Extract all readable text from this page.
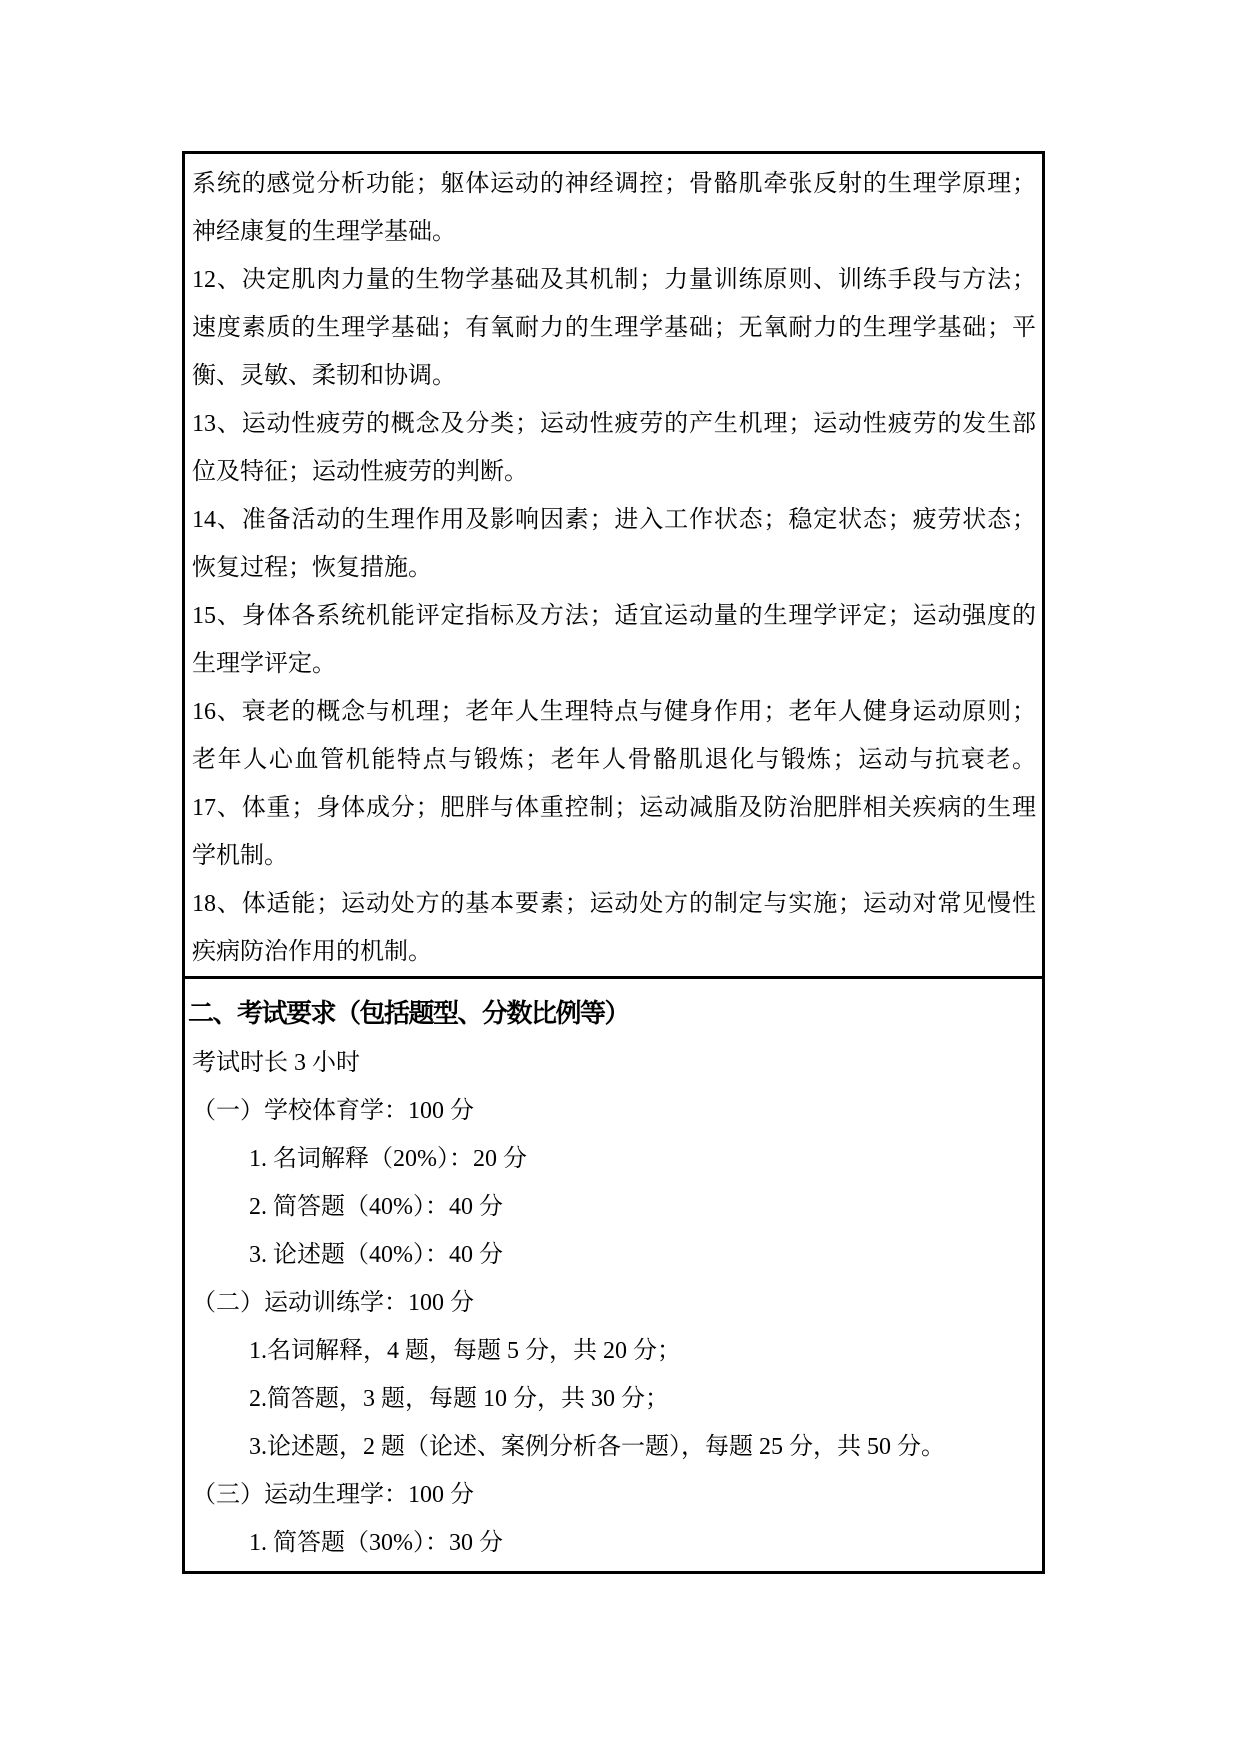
系统的感觉分析功能；躯体运动的神经调控；骨骼肌牵张反射的生理学原理；

神经康复的生理学基础。

12、决定肌肉力量的生物学基础及其机制；力量训练原则、训练手段与方法；

速度素质的生理学基础；有氧耐力的生理学基础；无氧耐力的生理学基础；平

衡、灵敏、柔韧和协调。

13、运动性疲劳的概念及分类；运动性疲劳的产生机理；运动性疲劳的发生部

位及特征；运动性疲劳的判断。

14、准备活动的生理作用及影响因素；进入工作状态；稳定状态；疲劳状态；

恢复过程；恢复措施。

15、身体各系统机能评定指标及方法；适宜运动量的生理学评定；运动强度的

生理学评定。

16、衰老的概念与机理；老年人生理特点与健身作用；老年人健身运动原则；

老年人心血管机能特点与锻炼；老年人骨骼肌退化与锻炼；运动与抗衰老。

17、体重；身体成分；肥胖与体重控制；运动减脂及防治肥胖相关疾病的生理

学机制。

18、体适能；运动处方的基本要素；运动处方的制定与实施；运动对常见慢性

疾病防治作用的机制。

二、考试要求（包括题型、分数比例等）

考试时长 3 小时

（一）学校体育学：100 分

1. 名词解释（20%）：20 分

2. 简答题（40%）：40 分

3. 论述题（40%）：40 分

（二）运动训练学：100 分

1.名词解释，4 题，每题 5 分，共 20 分；

2.简答题，3 题，每题 10 分，共 30 分；

3.论述题，2 题（论述、案例分析各一题），每题 25 分，共 50 分。

（三）运动生理学：100 分

1. 简答题（30%）：30 分
